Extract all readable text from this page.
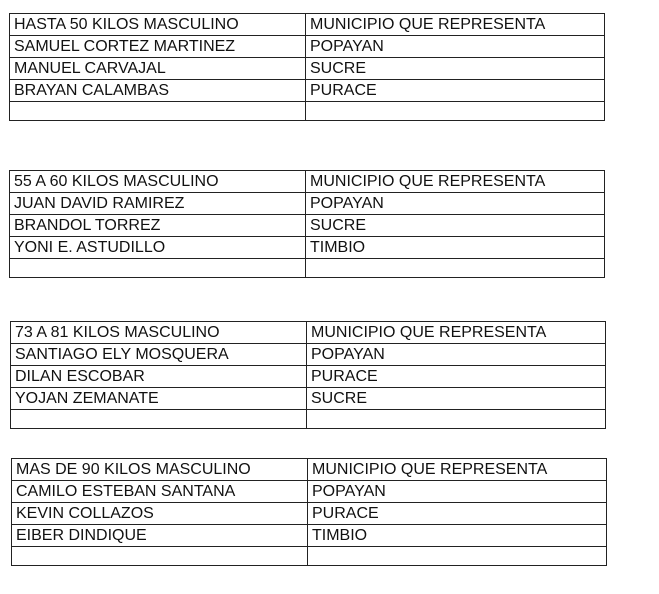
HASTA 50 KILOS MASCULINO	MUNICIPIO QUE REPRESENTA
SAMUEL CORTEZ MARTINEZ	POPAYAN
MANUEL CARVAJAL	SUCRE
BRAYAN CALAMBAS	PURACE

55 A 60 KILOS MASCULINO	MUNICIPIO QUE REPRESENTA
JUAN DAVID RAMIREZ	POPAYAN
BRANDOL TORREZ	SUCRE
YONI E. ASTUDILLO	TIMBIO

73 A 81 KILOS MASCULINO	MUNICIPIO QUE REPRESENTA
SANTIAGO ELY MOSQUERA	POPAYAN
DILAN ESCOBAR	PURACE
YOJAN ZEMANATE	SUCRE

MAS DE 90 KILOS MASCULINO	MUNICIPIO QUE REPRESENTA
CAMILO ESTEBAN SANTANA	POPAYAN
KEVIN COLLAZOS	PURACE
EIBER DINDIQUE	TIMBIO
